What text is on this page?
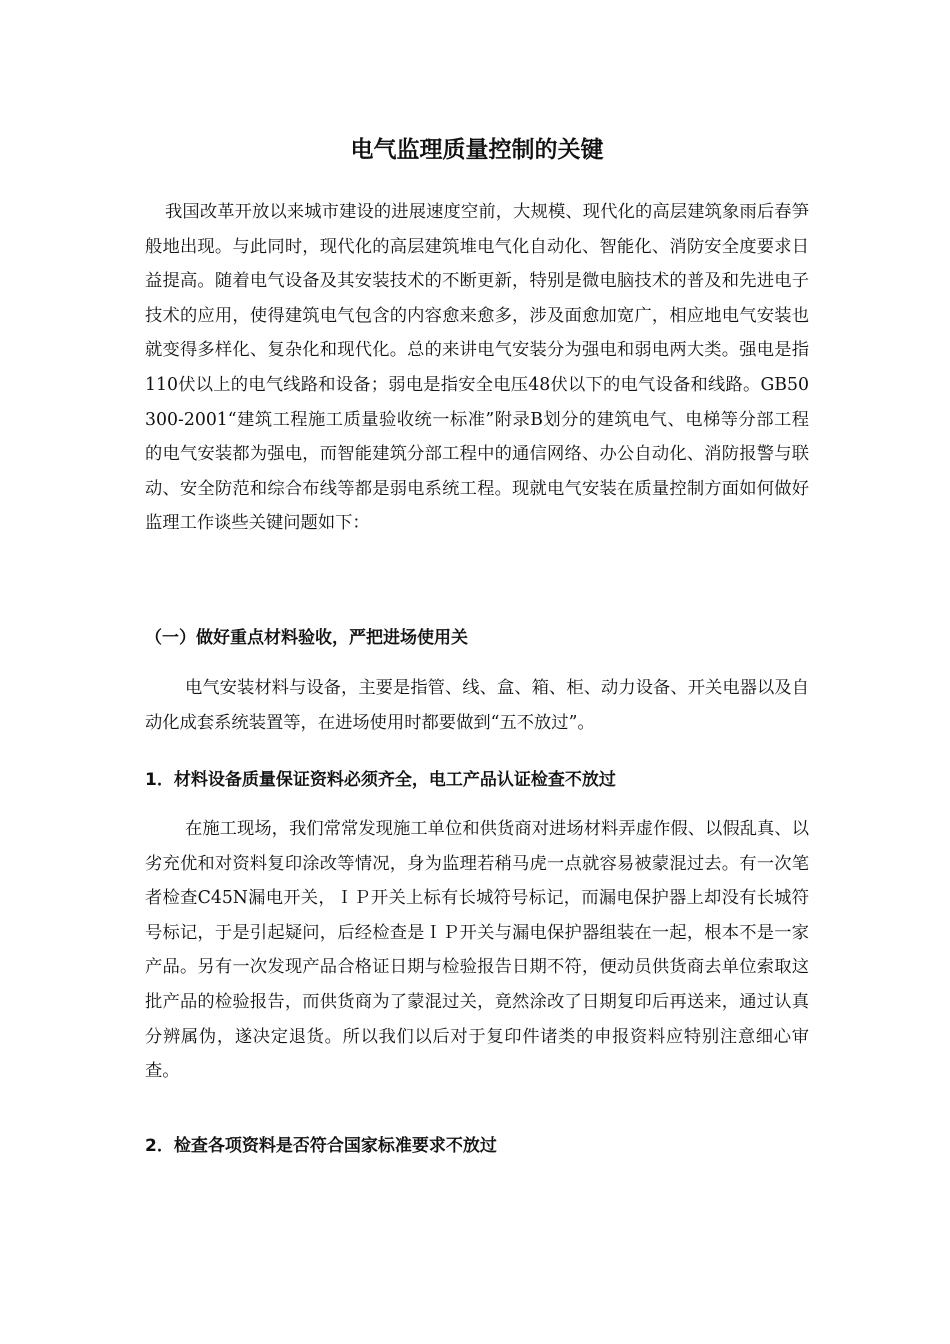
电气监理质量控制的关键

我国改革开放以来城市建设的进展速度空前，大规模、现代化的高层建筑象雨后春笋般地出现。与此同时，现代化的高层建筑堆电气化自动化、智能化、消防安全度要求日益提高。随着电气设备及其安装技术的不断更新，特别是微电脑技术的普及和先进电子技术的应用，使得建筑电气包含的内容愈来愈多，涉及面愈加宽广，相应地电气安装也就变得多样化、复杂化和现代化。总的来讲电气安装分为强电和弱电两大类。强电是指110伏以上的电气线路和设备；弱电是指安全电压48伏以下的电气设备和线路。GB50300-2001“建筑工程施工质量验收统一标准”附录B划分的建筑电气、电梯等分部工程的电气安装都为强电，而智能建筑分部工程中的通信网络、办公自动化、消防报警与联动、安全防范和综合布线等都是弱电系统工程。现就电气安装在质量控制方面如何做好监理工作谈些关键问题如下：

（一）做好重点材料验收，严把进场使用关

电气安装材料与设备，主要是指管、线、盒、箱、柜、动力设备、开关电器以及自动化成套系统装置等，在进场使用时都要做到“五不放过”。

1．材料设备质量保证资料必须齐全，电工产品认证检查不放过

在施工现场，我们常常发现施工单位和供货商对进场材料弄虚作假、以假乱真、以劣充优和对资料复印涂改等情况，身为监理若稍马虎一点就容易被蒙混过去。有一次笔者检查C45N漏电开关，ＩＰ开关上标有长城符号标记，而漏电保护器上却没有长城符号标记，于是引起疑问，后经检查是ＩＰ开关与漏电保护器组装在一起，根本不是一家产品。另有一次发现产品合格证日期与检验报告日期不符，便动员供货商去单位索取这批产品的检验报告，而供货商为了蒙混过关，竟然涂改了日期复印后再送来，通过认真分辨属伪，遂决定退货。所以我们以后对于复印件诸类的申报资料应特别注意细心审查。

2．检查各项资料是否符合国家标准要求不放过
